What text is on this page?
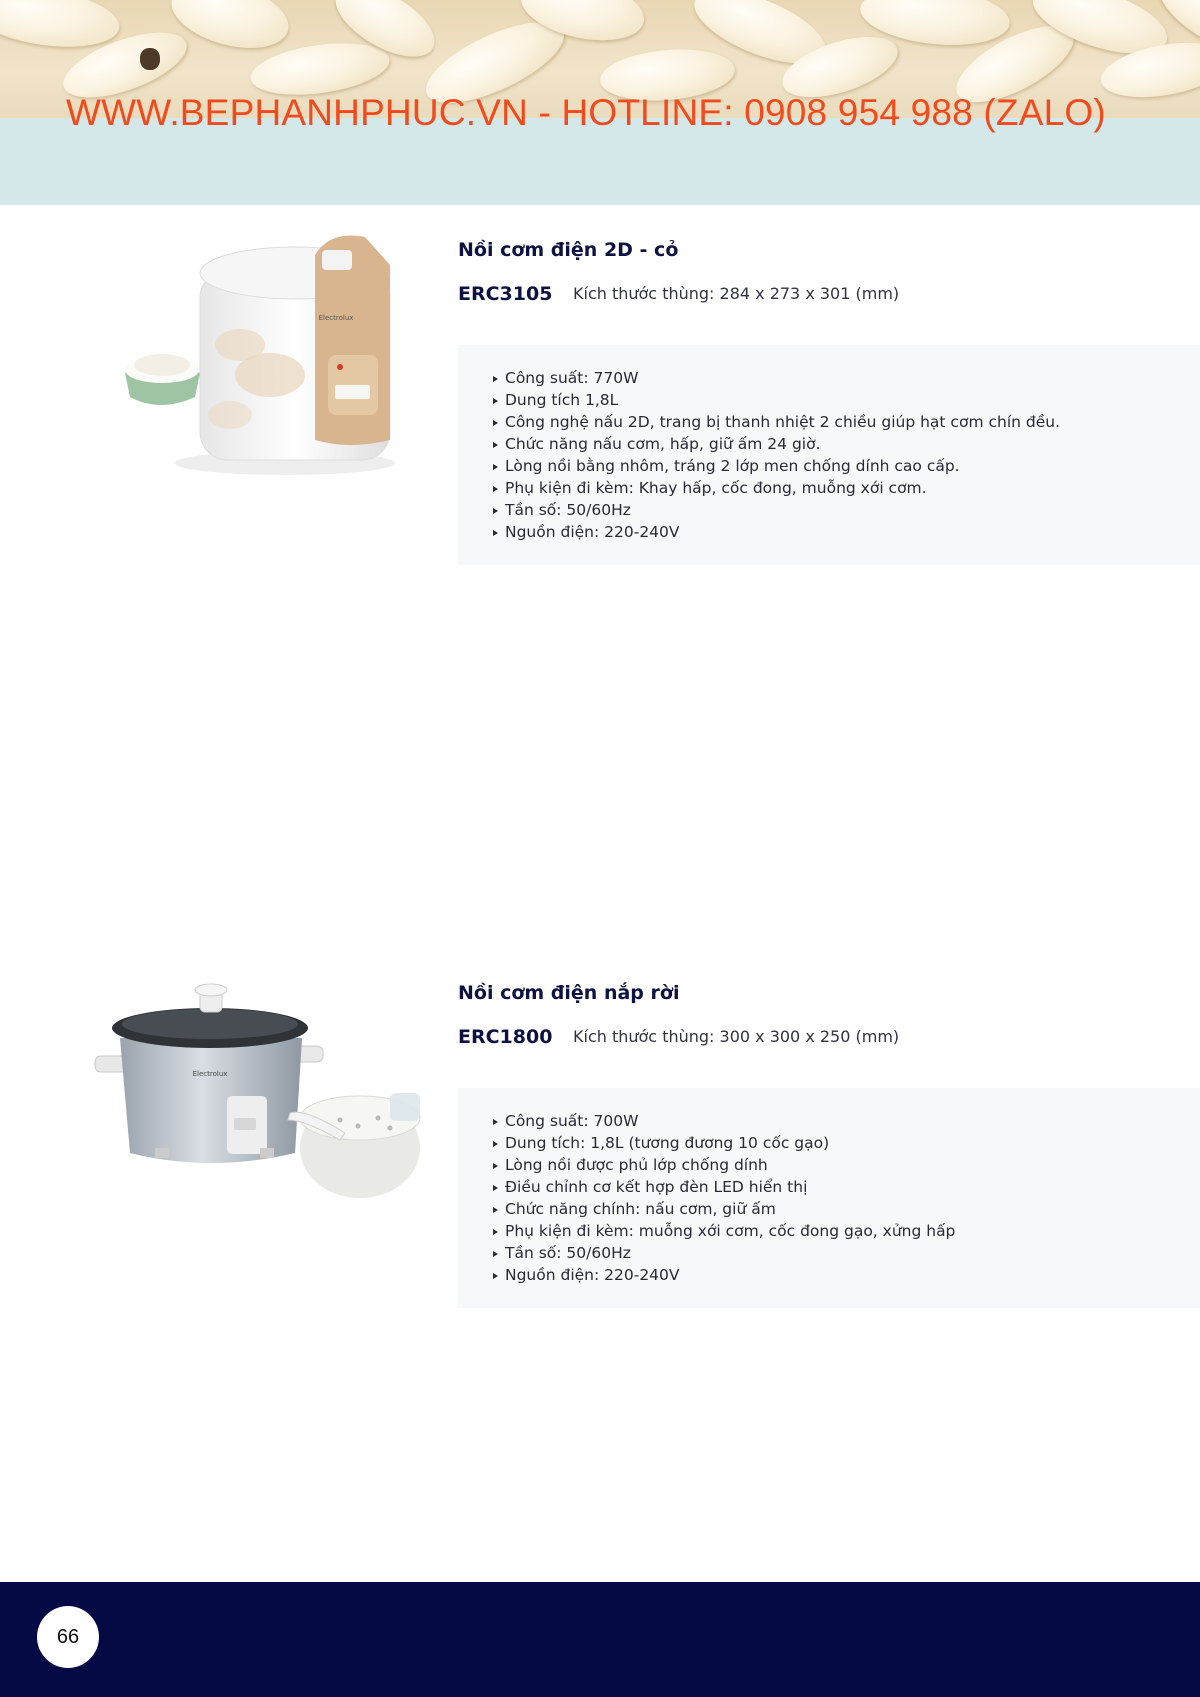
WWW.BEPHANHPHUC.VN - HOTLINE: 0908 954 988 (ZALO)
Electrolux
Nồi cơm điện 2D - cỏ
ERC3105 Kích thước thùng: 284 x 273 x 301 (mm)
Công suất: 770W
Dung tích 1,8L
Công nghệ nấu 2D, trang bị thanh nhiệt 2 chiều giúp hạt cơm chín đều.
Chức năng nấu cơm, hấp, giữ ấm 24 giờ.
Lòng nồi bằng nhôm, tráng 2 lớp men chống dính cao cấp.
Phụ kiện đi kèm: Khay hấp, cốc đong, muỗng xới cơm.
Tần số: 50/60Hz
Nguồn điện: 220-240V
Electrolux
Nồi cơm điện nắp rời
ERC1800 Kích thước thùng: 300 x 300 x 250 (mm)
Công suất: 700W
Dung tích: 1,8L (tương đương 10 cốc gạo)
Lòng nồi được phủ lớp chống dính
Điều chỉnh cơ kết hợp đèn LED hiển thị
Chức năng chính: nấu cơm, giữ ấm
Phụ kiện đi kèm: muỗng xới cơm, cốc đong gạo, xửng hấp
Tần số: 50/60Hz
Nguồn điện: 220-240V
66
